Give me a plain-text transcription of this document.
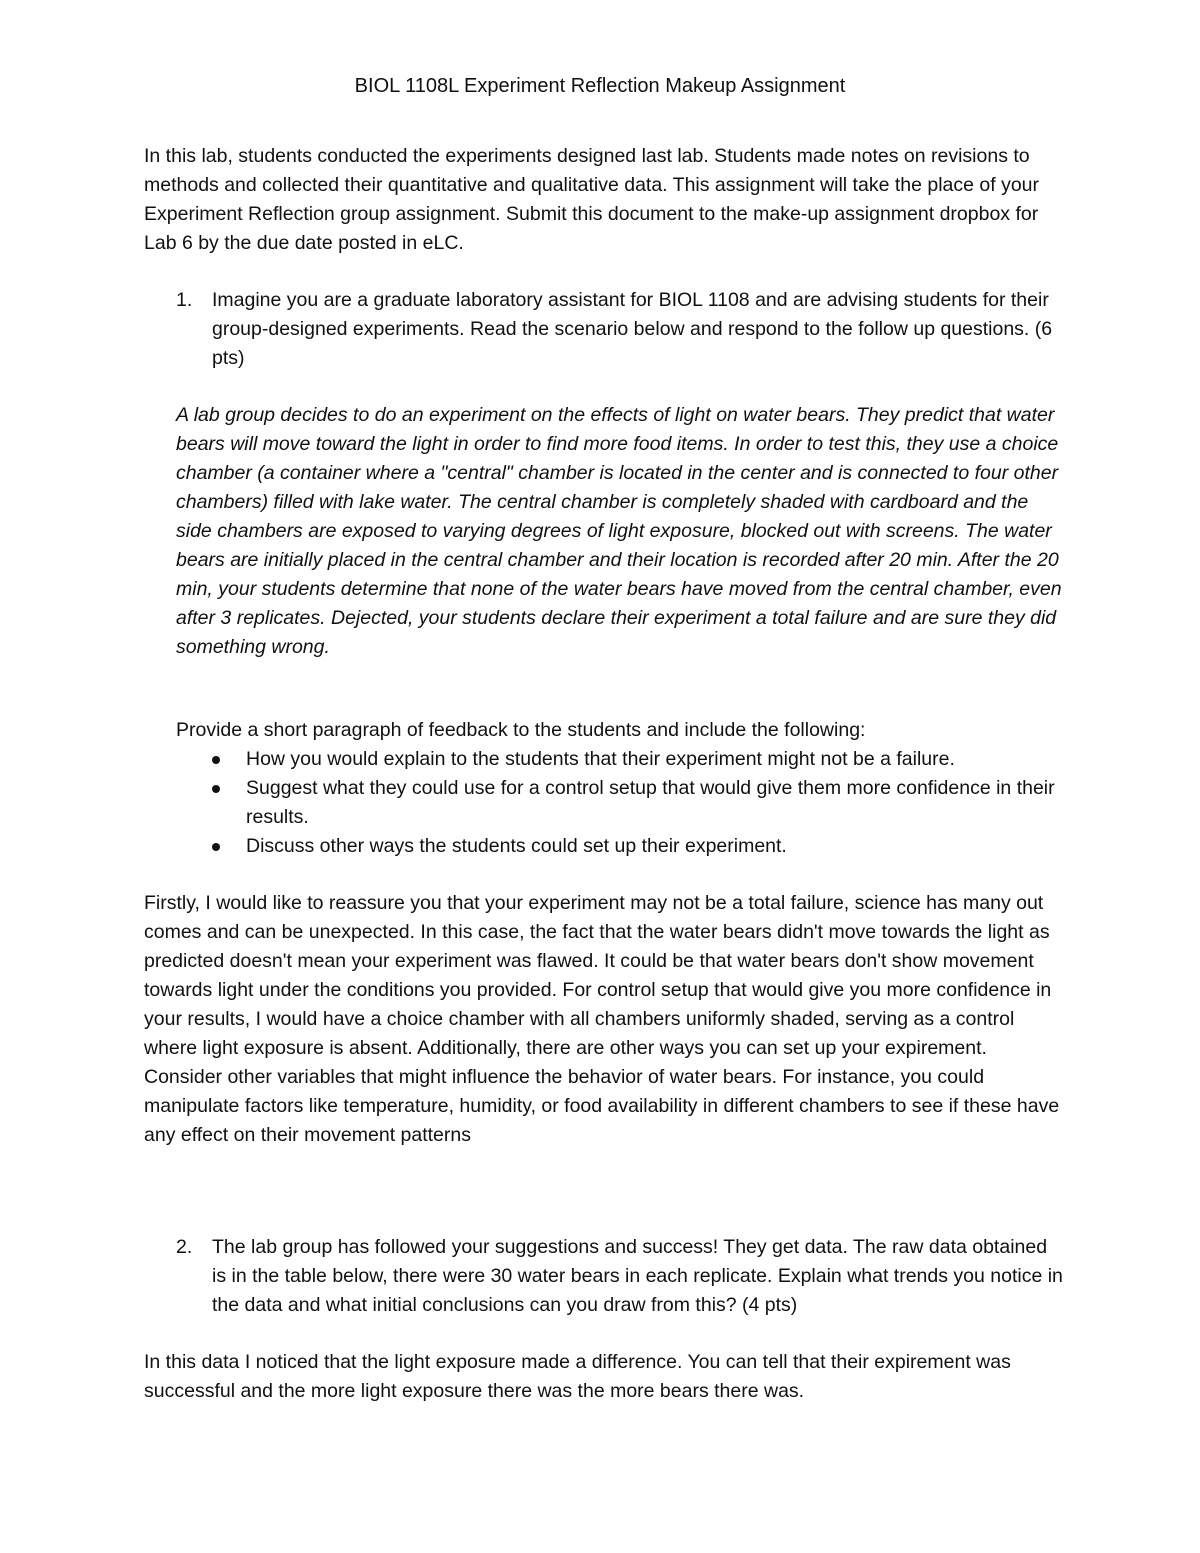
BIOL 1108L Experiment Reflection Makeup Assignment

In this lab, students conducted the experiments designed last lab. Students made notes on revisions to methods and collected their quantitative and qualitative data. This assignment will take the place of your Experiment Reflection group assignment. Submit this document to the make-up assignment dropbox for Lab 6 by the due date posted in eLC.

1.	Imagine you are a graduate laboratory assistant for BIOL 1108 and are advising students for their group-designed experiments. Read the scenario below and respond to the follow up questions. (6 pts)

A lab group decides to do an experiment on the effects of light on water bears. They predict that water bears will move toward the light in order to find more food items. In order to test this, they use a choice chamber (a container where a "central" chamber is located in the center and is connected to four other chambers) filled with lake water. The central chamber is completely shaded with cardboard and the side chambers are exposed to varying degrees of light exposure, blocked out with screens. The water bears are initially placed in the central chamber and their location is recorded after 20 min. After the 20 min, your students determine that none of the water bears have moved from the central chamber, even after 3 replicates. Dejected, your students declare their experiment a total failure and are sure they did something wrong.

Provide a short paragraph of feedback to the students and include the following:

How you would explain to the students that their experiment might not be a failure.
Suggest what they could use for a control setup that would give them more confidence in their results.
Discuss other ways the students could set up their experiment.

Firstly, I would like to reassure you that your experiment may not be a total failure, science has many out comes and can be unexpected. In this case, the fact that the water bears didn't move towards the light as predicted doesn't mean your experiment was flawed. It could be that water bears don't show movement towards light under the conditions you provided. For control setup that would give you more confidence in your results, I would have a choice chamber with all chambers uniformly shaded, serving as a control where light exposure is absent. Additionally, there are other ways you can set up your expirement. Consider other variables that might influence the behavior of water bears. For instance, you could manipulate factors like temperature, humidity, or food availability in different chambers to see if these have any effect on their movement patterns

2.	The lab group has followed your suggestions and success! They get data. The raw data obtained is in the table below, there were 30 water bears in each replicate. Explain what trends you notice in the data and what initial conclusions can you draw from this? (4 pts)

In this data I noticed that the light exposure made a difference. You can tell that their expirement was successful and the more light exposure there was the more bears there was.
